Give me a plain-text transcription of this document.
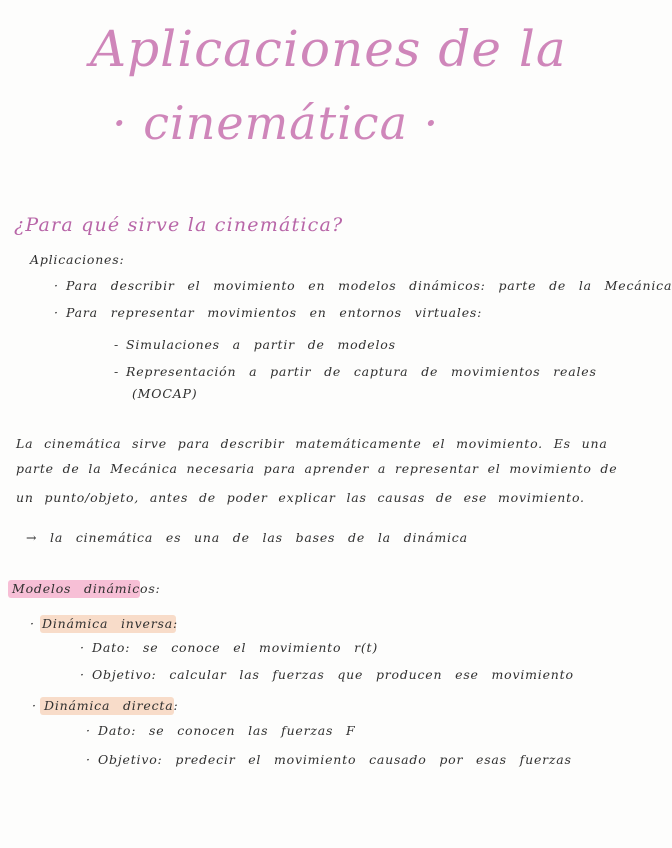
Aplicaciones de la
· cinemática ·
¿Para qué sirve la cinemática?
Aplicaciones:
· Para describir el movimiento en modelos dinámicos: parte de la Mecánica
· Para representar movimientos en entornos virtuales:
- Simulaciones a partir de modelos
- Representación a partir de captura de movimientos reales
(MOCAP)
La cinemática sirve para describir matemáticamente el movimiento. Es una
parte de la Mecánica necesaria para aprender a representar el movimiento de
un punto/objeto, antes de poder explicar las causas de ese movimiento.
→ la cinemática es una de las bases de la dinámica
Modelos dinámicos:
· Dinámica inversa:
· Dato: se conoce el movimiento r(t)
· Objetivo: calcular las fuerzas que producen ese movimiento
· Dinámica directa:
· Dato: se conocen las fuerzas F
· Objetivo: predecir el movimiento causado por esas fuerzas
